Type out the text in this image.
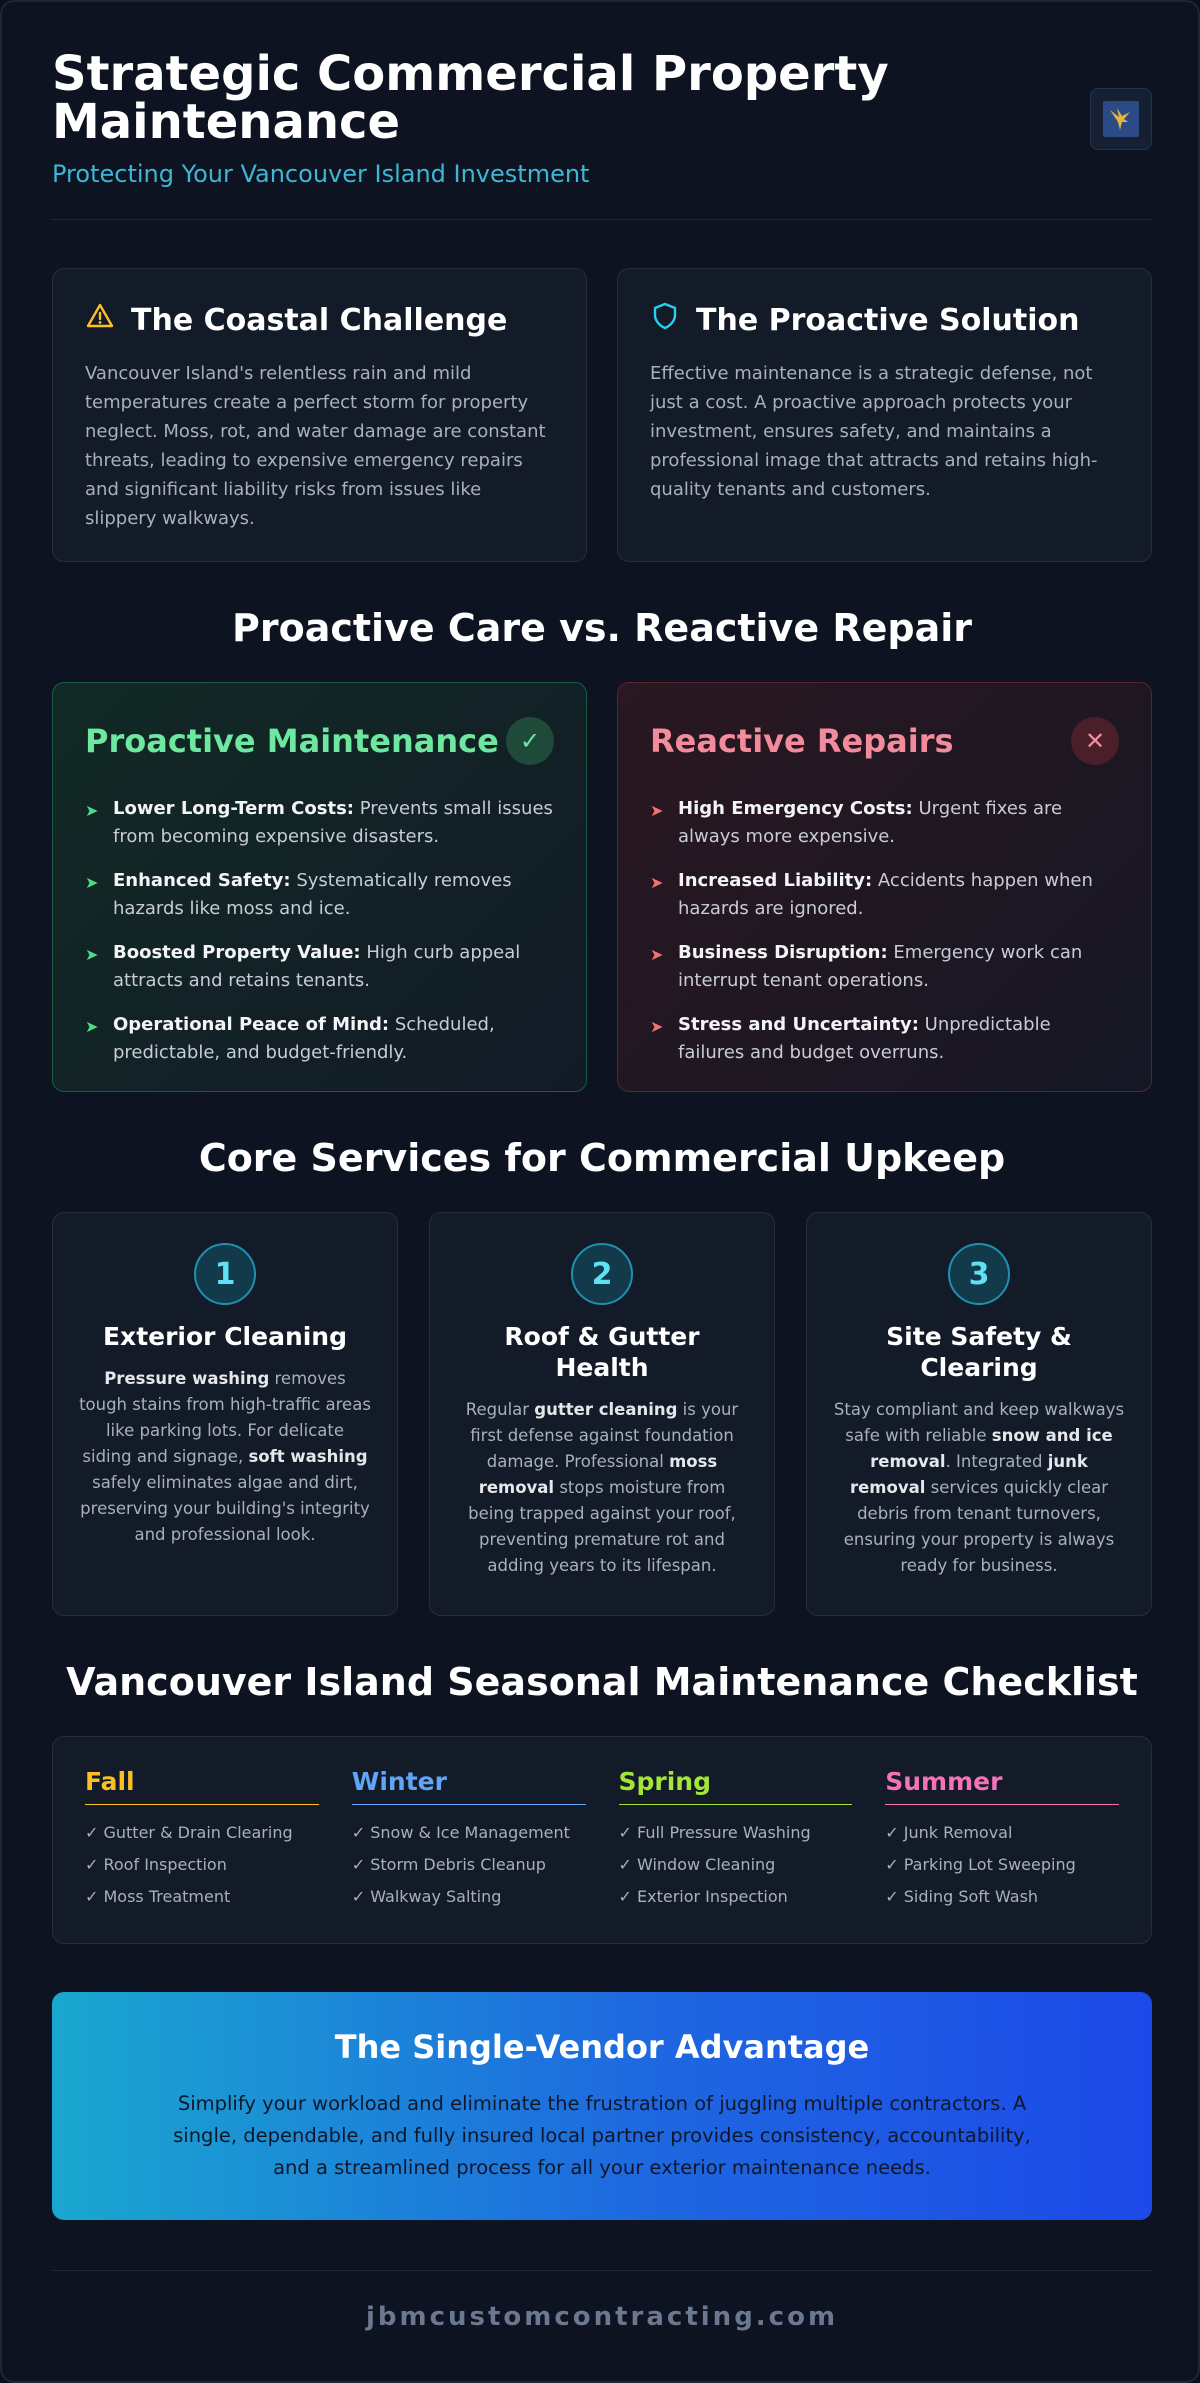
Strategic Commercial Property Maintenance
Protecting Your Vancouver Island Investment
The Coastal Challenge

Vancouver Island's relentless rain and mild temperatures create a perfect storm for property neglect. Moss, rot, and water damage are constant threats, leading to expensive emergency repairs and significant liability risks from issues like slippery walkways.

The Proactive Solution

Effective maintenance is a strategic defense, not just a cost. A proactive approach protects your investment, ensures safety, and maintains a professional image that attracts and retains high-quality tenants and customers.

Proactive Care vs. Reactive Repair
Proactive Maintenance ✓
➤ Lower Long-Term Costs: Prevents small issues from becoming expensive disasters.
➤ Enhanced Safety: Systematically removes hazards like moss and ice.
➤ Boosted Property Value: High curb appeal attracts and retains tenants.
➤ Operational Peace of Mind: Scheduled, predictable, and budget-friendly.
Reactive Repairs	✕
➤ High Emergency Costs: Urgent fixes are always more expensive.
➤ Increased Liability: Accidents happen when hazards are ignored.
➤ Business Disruption: Emergency work can interrupt tenant operations.
➤ Stress and Uncertainty: Unpredictable failures and budget overruns.
Core Services for Commercial Upkeep
1
Exterior Cleaning

Pressure washing removes tough stains from high-traffic areas like parking lots. For delicate siding and signage, soft washing safely eliminates algae and dirt, preserving your building's integrity and professional look.

2
Roof & Gutter Health

Regular gutter cleaning is your first defense against foundation damage. Professional moss removal stops moisture from being trapped against your roof, preventing premature rot and adding years to its lifespan.

3
Site Safety & Clearing

Stay compliant and keep walkways safe with reliable snow and ice removal. Integrated junk removal services quickly clear debris from tenant turnovers, ensuring your property is always ready for business.

Vancouver Island Seasonal Maintenance Checklist
Fall
✓ Gutter & Drain Clearing
✓ Roof Inspection
✓ Moss Treatment
Winter
✓ Snow & Ice Management
✓ Storm Debris Cleanup
✓ Walkway Salting
Spring
✓ Full Pressure Washing
✓ Window Cleaning
✓ Exterior Inspection
Summer
✓ Junk Removal
✓ Parking Lot Sweeping
✓ Siding Soft Wash
The Single-Vendor Advantage

Simplify your workload and eliminate the frustration of juggling multiple contractors. A single, dependable, and fully insured local partner provides consistency, accountability, and a streamlined process for all your exterior maintenance needs.

jbmcustomcontracting.com
